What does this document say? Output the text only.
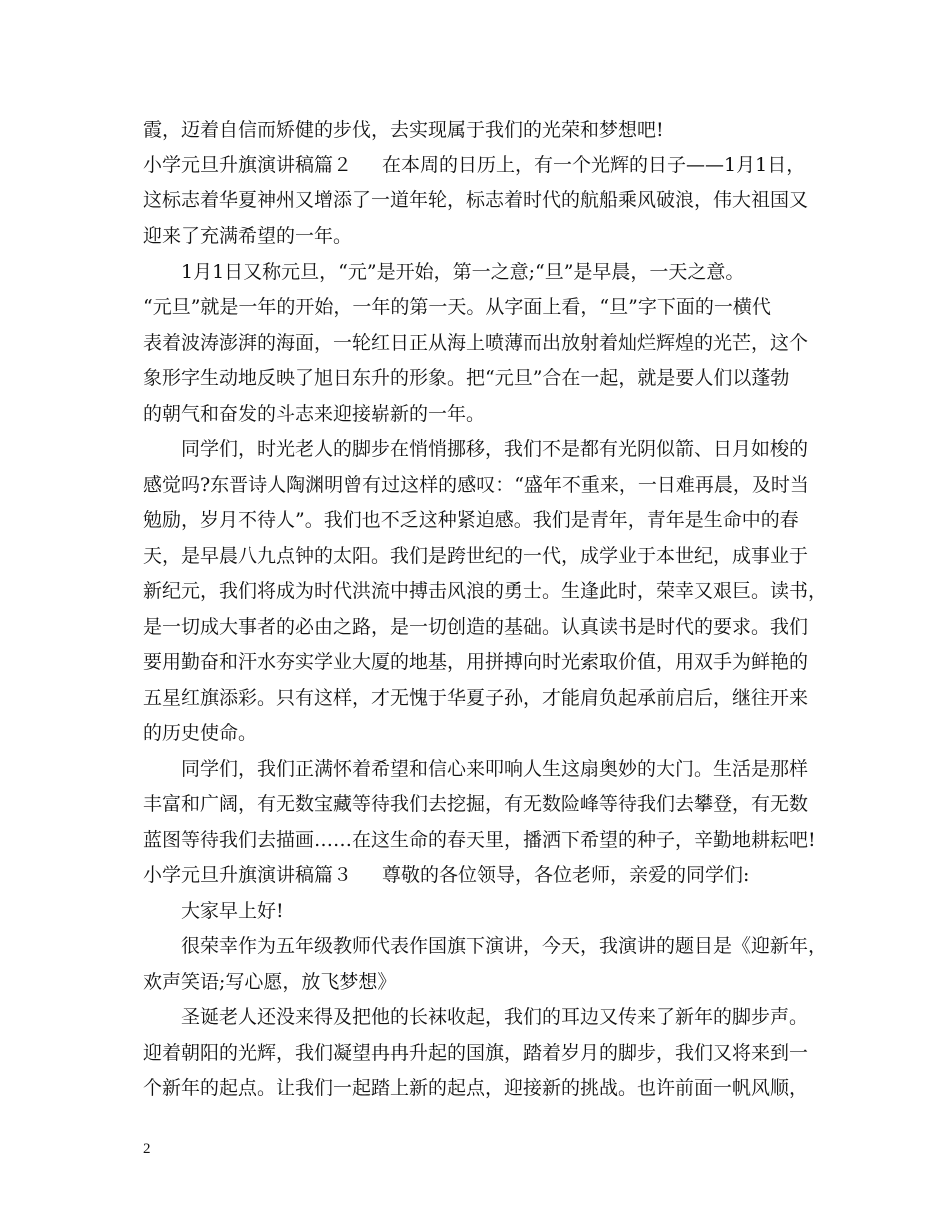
霞，迈着自信而矫健的步伐，去实现属于我们的光荣和梦想吧!
小学元旦升旗演讲稿篇２ 在本周的日历上，有一个光辉的日子——1月1日，
这标志着华夏神州又增添了一道年轮，标志着时代的航船乘风破浪，伟大祖国又
迎来了充满希望的一年。
1月1日又称元旦，“元”是开始，第一之意;“旦”是早晨，一天之意。
“元旦”就是一年的开始，一年的第一天。从字面上看，“旦”字下面的一横代
表着波涛澎湃的海面，一轮红日正从海上喷薄而出放射着灿烂辉煌的光芒，这个
象形字生动地反映了旭日东升的形象。把“元旦”合在一起，就是要人们以蓬勃
的朝气和奋发的斗志来迎接崭新的一年。
同学们，时光老人的脚步在悄悄挪移，我们不是都有光阴似箭、日月如梭的
感觉吗?东晋诗人陶渊明曾有过这样的感叹：“盛年不重来，一日难再晨，及时当
勉励，岁月不待人”。我们也不乏这种紧迫感。我们是青年，青年是生命中的春
天，是早晨八九点钟的太阳。我们是跨世纪的一代，成学业于本世纪，成事业于
新纪元，我们将成为时代洪流中搏击风浪的勇士。生逢此时，荣幸又艰巨。读书，
是一切成大事者的必由之路，是一切创造的基础。认真读书是时代的要求。我们
要用勤奋和汗水夯实学业大厦的地基，用拼搏向时光索取价值，用双手为鲜艳的
五星红旗添彩。只有这样，才无愧于华夏子孙，才能肩负起承前启后，继往开来
的历史使命。
同学们，我们正满怀着希望和信心来叩响人生这扇奥妙的大门。生活是那样
丰富和广阔，有无数宝藏等待我们去挖掘，有无数险峰等待我们去攀登，有无数
蓝图等待我们去描画……在这生命的春天里，播洒下希望的种子，辛勤地耕耘吧!
小学元旦升旗演讲稿篇３ 尊敬的各位领导，各位老师，亲爱的同学们:
大家早上好!
很荣幸作为五年级教师代表作国旗下演讲，今天，我演讲的题目是《迎新年，
欢声笑语;写心愿，放飞梦想》
圣诞老人还没来得及把他的长袜收起，我们的耳边又传来了新年的脚步声。
迎着朝阳的光辉，我们凝望冉冉升起的国旗，踏着岁月的脚步，我们又将来到一
个新年的起点。让我们一起踏上新的起点，迎接新的挑战。也许前面一帆风顺，
2
